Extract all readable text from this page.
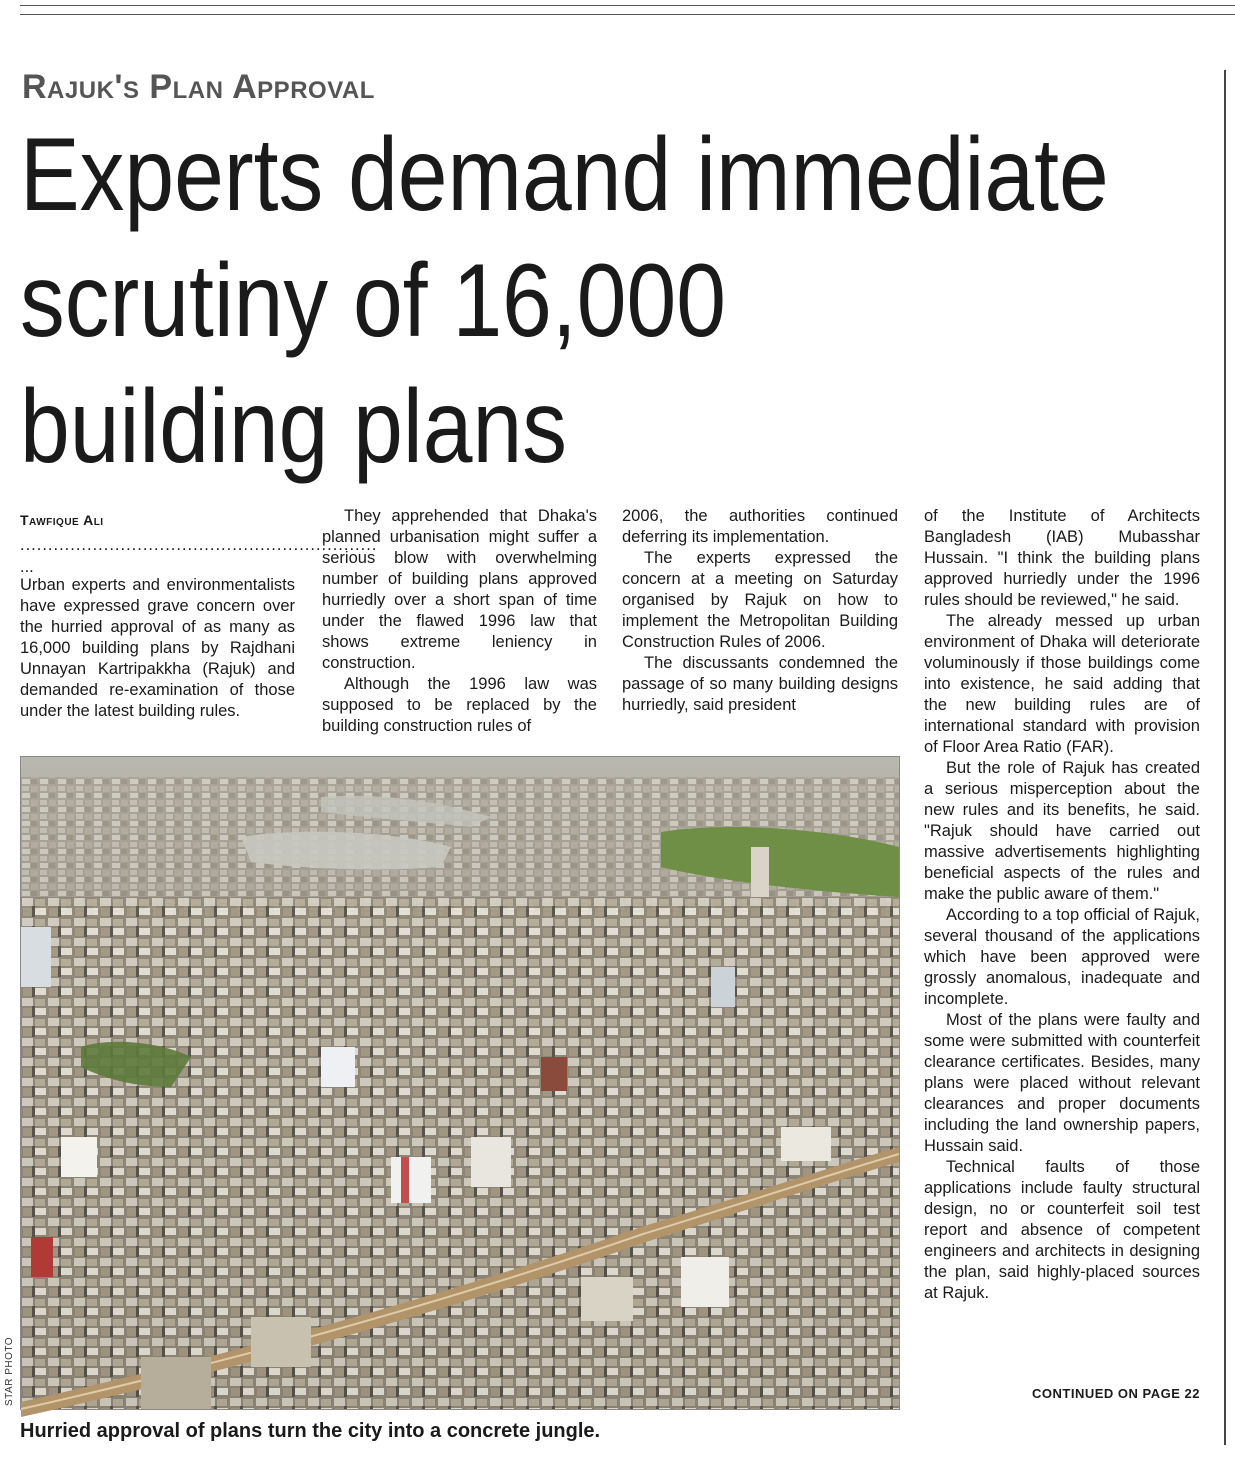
Rajuk's Plan Approval
Experts demand immediate
scrutiny of 16,000
building plans
Tawfique Ali
................................................................
...

Urban experts and environmentalists have expressed grave concern over the hurried approval of as many as 16,000 building plans by Rajdhani Unnayan Kartripakkha (Rajuk) and demanded re-examination of those under the latest building rules.

They apprehended that Dhaka's planned urbanisation might suffer a serious blow with overwhelming number of building plans approved hurriedly over a short span of time under the flawed 1996 law that shows extreme leniency in construction.

Although the 1996 law was supposed to be replaced by the building construction rules of

2006, the authorities continued deferring its implementation.

The experts expressed the concern at a meeting on Saturday organised by Rajuk on how to implement the Metropolitan Building Construction Rules of 2006.

The discussants condemned the passage of so many building designs hurriedly, said president

of the Institute of Architects Bangladesh (IAB) Mubasshar Hussain. "I think the building plans approved hurriedly under the 1996 rules should be reviewed," he said.

The already messed up urban environment of Dhaka will deteriorate voluminously if those buildings come into existence, he said adding that the new building rules are of international standard with provision of Floor Area Ratio (FAR).

But the role of Rajuk has created a serious misperception about the new rules and its benefits, he said. "Rajuk should have carried out massive advertisements highlighting beneficial aspects of the rules and make the public aware of them."

According to a top official of Rajuk, several thousand of the applications which have been approved were grossly anomalous, inadequate and incomplete.

Most of the plans were faulty and some were submitted with counterfeit clearance certificates. Besides, many plans were placed without relevant clearances and proper documents including the land ownership papers, Hussain said.

Technical faults of those applications include faulty structural design, no or counterfeit soil test report and absence of competent engineers and architects in designing the plan, said highly-placed sources at Rajuk.

CONTINUED ON PAGE 22
STAR PHOTO
Hurried approval of plans turn the city into a concrete jungle.
